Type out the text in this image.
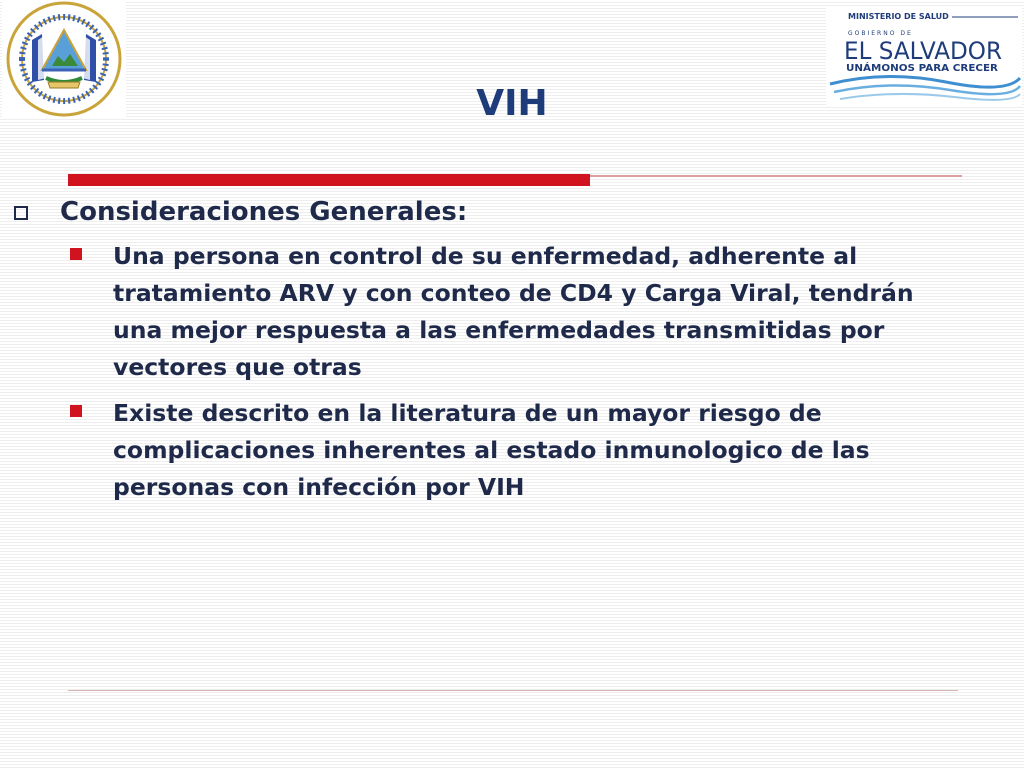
MINISTERIO DE SALUD
GOBIERNO DE
EL SALVADOR
UNÁMONOS PARA CRECER
VIH
Consideraciones Generales:
Una persona en control de su enfermedad, adherente al
tratamiento ARV y con conteo de CD4 y Carga Viral, tendrán
una mejor respuesta a las enfermedades transmitidas por
vectores que otras
Existe descrito en la literatura de un mayor riesgo de
complicaciones inherentes al estado inmunologico de las
personas con infección por VIH
